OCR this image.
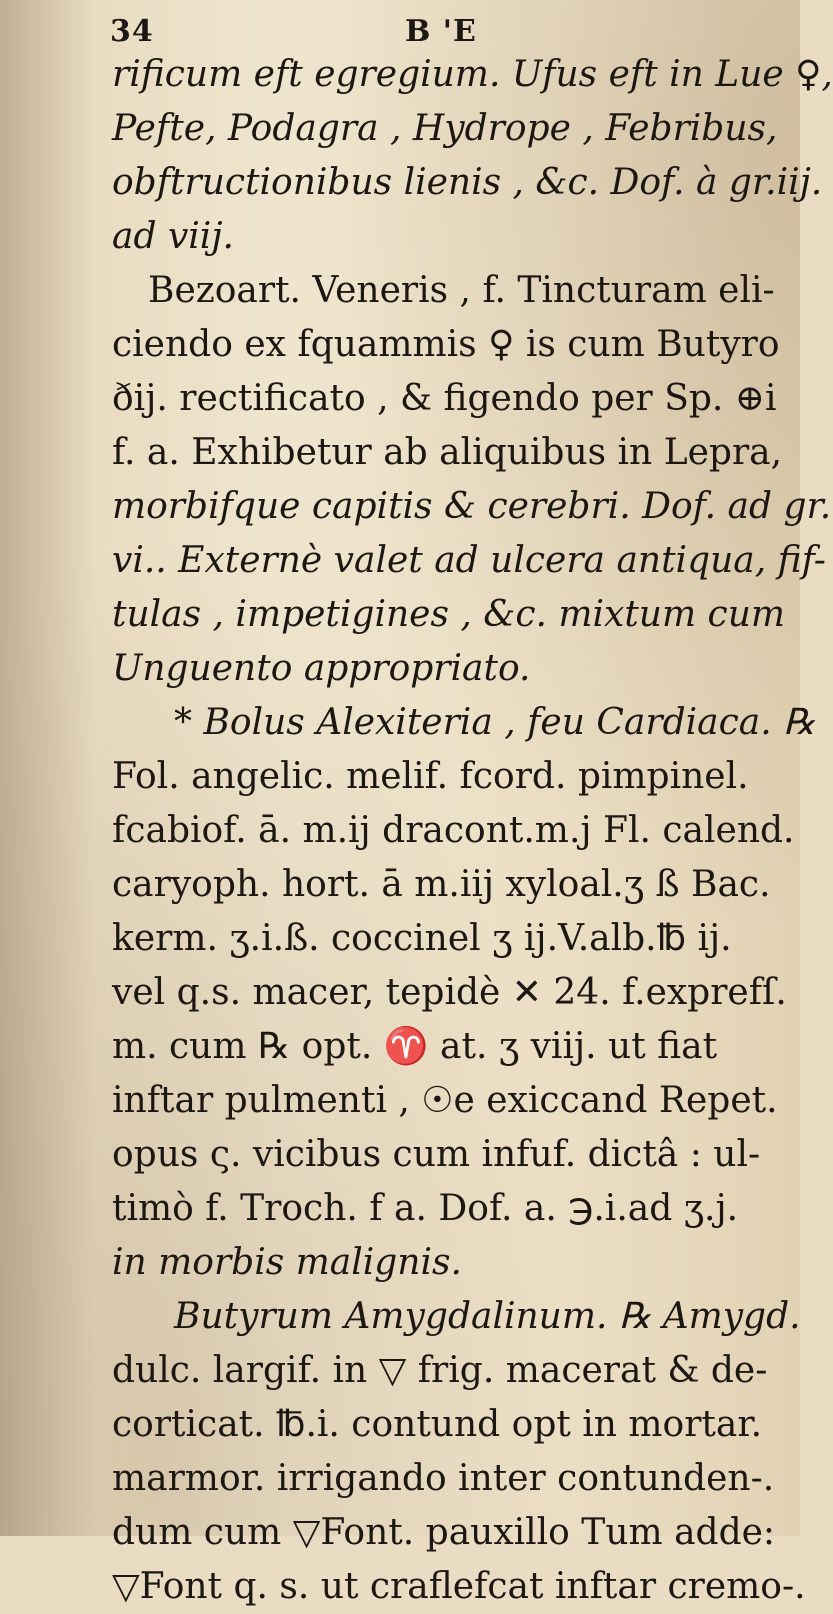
34	B 'E
rificum eft egregium. Ufus eft in Lue ♀,
Pefte, Podagra , Hydrope , Febribus,
obftructionibus lienis , &c. Dof. à gr.iij.
ad viij.
Bezoart. Veneris , f. Tincturam eli-
ciendo ex fquammis ♀ is cum Butyro
ðij. rectificato , & figendo per Sp. ⊕i
f. a. Exhibetur ab aliquibus in Lepra,
morbifque capitis & cerebri. Dof. ad gr.
vi.. Externè valet ad ulcera antiqua, fif-
tulas , impetigines , &c. mixtum cum
Unguento appropriato.
* Bolus Alexiteria , feu Cardiaca. ℞
Fol. angelic. melif. fcord. pimpinel.
fcabiof. ā. m.ij dracont.m.j Fl. calend.
caryoph. hort. ā m.iij xyloal.ʒ ß Bac.
kerm. ʒ.i.ß. coccinel ʒ ij.V.alb.℔ ij.
vel q.s. macer, tepidè ✕ 24. f.exprefſ.
m. cum ℞ opt. ♈ at. ʒ viij. ut fiat
inftar pulmenti , ☉e exiccand Repet.
opus ς. vicibus cum infuf. dictâ : ul-
timò f. Troch. f a. Dof. a. ℈.i.ad ʒ.j.
in morbis malignis.
Butyrum Amygdalinum. ℞ Amygd.
dulc. largif. in ▽ frig. macerat & de-
corticat. ℔.i. contund opt in mortar.
marmor. irrigando inter contunden-.
dum cum ▽Font. pauxillo Tum adde:
▽Font q. s. ut craflefcat inftar cremo-.
